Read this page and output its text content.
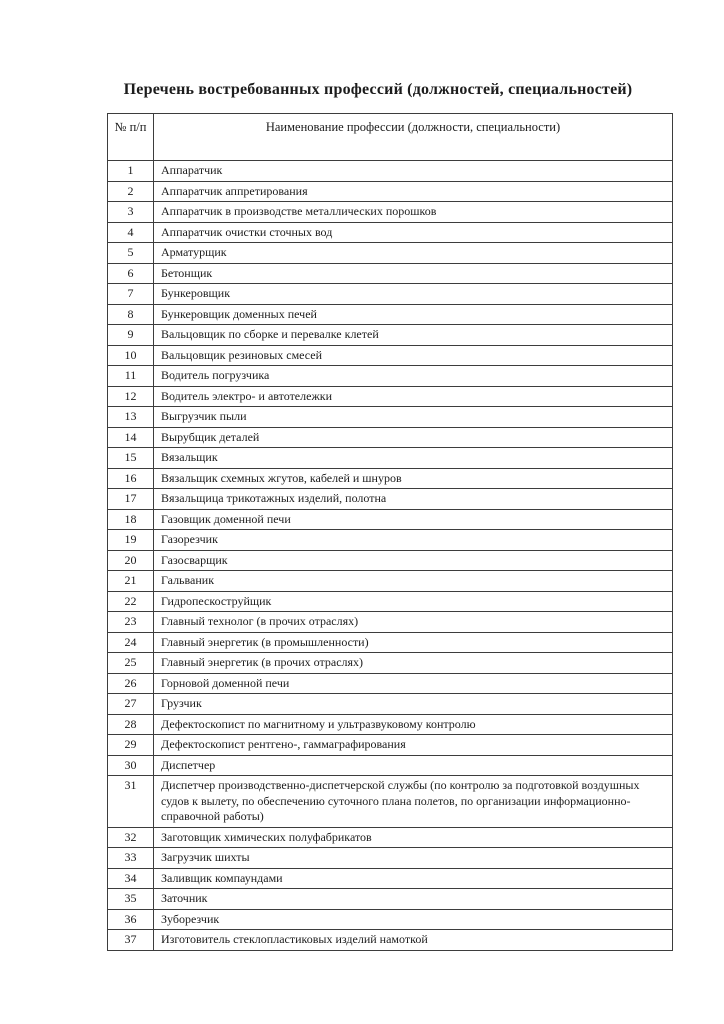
Перечень востребованных профессий (должностей, специальностей)
№ п/п	Наименование профессии (должности, специальности)
1	Аппаратчик
2	Аппаратчик аппретирования
3	Аппаратчик в производстве металлических порошков
4	Аппаратчик очистки сточных вод
5	Арматурщик
6	Бетонщик
7	Бункеровщик
8	Бункеровщик доменных печей
9	Вальцовщик по сборке и перевалке клетей
10	Вальцовщик резиновых смесей
11	Водитель погрузчика
12	Водитель электро- и автотележки
13	Выгрузчик пыли
14	Вырубщик деталей
15	Вязальщик
16	Вязальщик схемных жгутов, кабелей и шнуров
17	Вязальщица трикотажных изделий, полотна
18	Газовщик доменной печи
19	Газорезчик
20	Газосварщик
21	Гальваник
22	Гидропескоструйщик
23	Главный технолог (в прочих отраслях)
24	Главный энергетик (в промышленности)
25	Главный энергетик (в прочих отраслях)
26	Горновой доменной печи
27	Грузчик
28	Дефектоскопист по магнитному и ультразвуковому контролю
29	Дефектоскопист рентгено-, гаммаграфирования
30	Диспетчер
31	Диспетчер производственно-диспетчерской службы (по контролю за подготовкой воздушных судов к вылету, по обеспечению суточного плана полетов, по организации информационно-справочной работы)
32	Заготовщик химических полуфабрикатов
33	Загрузчик шихты
34	Заливщик компаундами
35	Заточник
36	Зуборезчик
37	Изготовитель стеклопластиковых изделий намоткой
